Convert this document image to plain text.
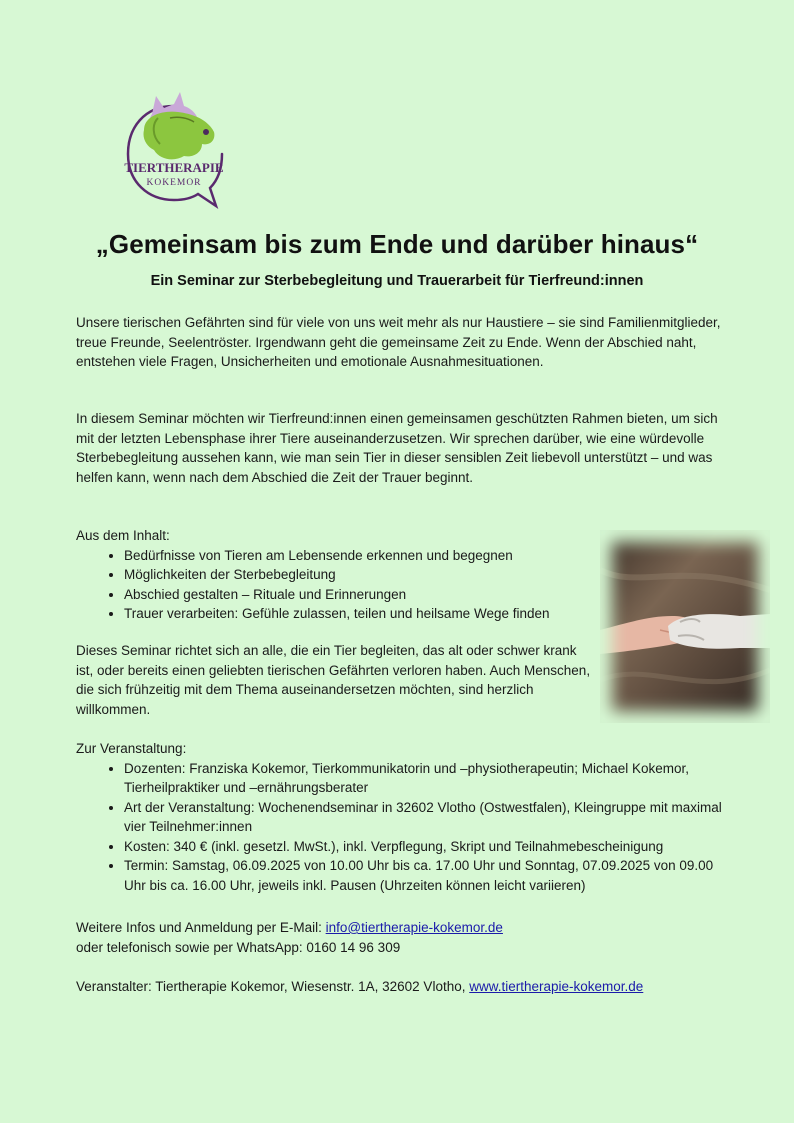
TIERTHERAPIE
KOKEMOR
„Gemeinsam bis zum Ende und darüber hinaus“
Ein Seminar zur Sterbebegleitung und Trauerarbeit für Tierfreund:innen
Unsere tierischen Gefährten sind für viele von uns weit mehr als nur Haustiere – sie sind Familienmitglieder, treue Freunde, Seelentröster. Irgendwann geht die gemeinsame Zeit zu Ende. Wenn der Abschied naht, entstehen viele Fragen, Unsicherheiten und emotionale Ausnahmesituationen.
In diesem Seminar möchten wir Tierfreund:innen einen gemeinsamen geschützten Rahmen bieten, um sich mit der letzten Lebensphase ihrer Tiere auseinanderzusetzen. Wir sprechen darüber, wie eine würdevolle Sterbebegleitung aussehen kann, wie man sein Tier in dieser sensiblen Zeit liebevoll unterstützt – und was helfen kann, wenn nach dem Abschied die Zeit der Trauer beginnt.
Aus dem Inhalt:
• Bedürfnisse von Tieren am Lebensende erkennen und begegnen
• Möglichkeiten der Sterbebegleitung
• Abschied gestalten – Rituale und Erinnerungen
• Trauer verarbeiten: Gefühle zulassen, teilen und heilsame Wege finden
Dieses Seminar richtet sich an alle, die ein Tier begleiten, das alt oder schwer krank ist, oder bereits einen geliebten tierischen Gefährten verloren haben. Auch Menschen, die sich frühzeitig mit dem Thema auseinandersetzen möchten, sind herzlich willkommen.
Zur Veranstaltung:
• Dozenten: Franziska Kokemor, Tierkommunikatorin und –physiotherapeutin; Michael Kokemor, Tierheilpraktiker und –ernährungsberater
• Art der Veranstaltung: Wochenendseminar in 32602 Vlotho (Ostwestfalen), Kleingruppe mit maximal vier Teilnehmer:innen
• Kosten: 340 € (inkl. gesetzl. MwSt.), inkl. Verpflegung, Skript und Teilnahmebescheinigung
• Termin: Samstag, 06.09.2025 von 10.00 Uhr bis ca. 17.00 Uhr und Sonntag, 07.09.2025 von 09.00 Uhr bis ca. 16.00 Uhr, jeweils inkl. Pausen (Uhrzeiten können leicht variieren)
Weitere Infos und Anmeldung per E-Mail: info@tiertherapie-kokemor.de
oder telefonisch sowie per WhatsApp: 0160 14 96 309
Veranstalter: Tiertherapie Kokemor, Wiesenstr. 1A, 32602 Vlotho, www.tiertherapie-kokemor.de
